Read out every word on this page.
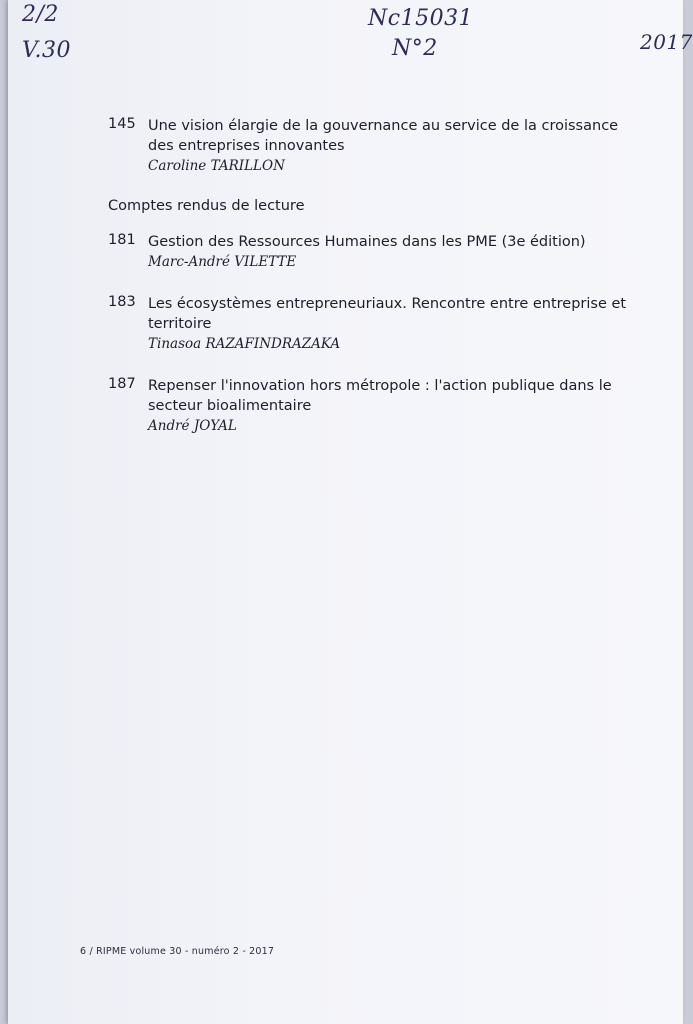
2/2
V.30
Nc15031
N°2	2017
145 Une vision élargie de la gouvernance au service de la croissance des entreprises innovantes
Caroline TARILLON
Comptes rendus de lecture
181 Gestion des Ressources Humaines dans les PME (3e édition)
Marc-André VILETTE
183 Les écosystèmes entrepreneuriaux. Rencontre entre entreprise et territoire
Tinasoa RAZAFINDRAZAKA
187 Repenser l'innovation hors métropole : l'action publique dans le secteur bioalimentaire
André JOYAL
6 / RIPME volume 30 - numéro 2 - 2017
